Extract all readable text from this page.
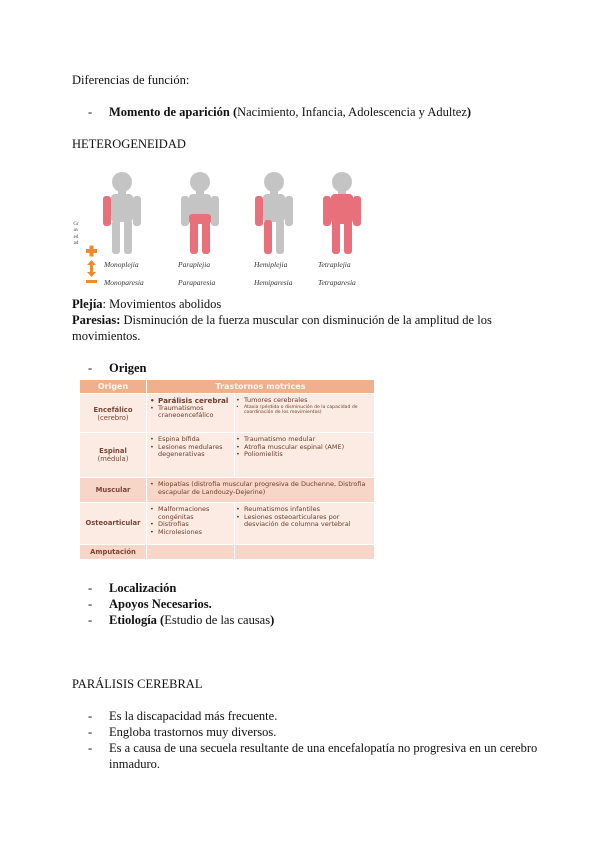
Diferencias de función:
- Momento de aparición (Nacimiento, Infancia, Adolescencia y Adultez)
HETEROGENEIDAD
Gravedad
Monoplejia
Monoparesia
Paraplejia
Paraparesia
Hemiplejia
Hemiparesia
Tetraplejia
Tetraparesia
Plejía: Movimientos abolidos
Paresias: Disminución de la fuerza muscular con disminución de la amplitud de los
movimientos.
- Origen
Origen	Trastornos motrices
Encefálico
(cerebro)
• Parálisis cerebral
• Traumatismos craneoencefálico
• Tumores cerebrales
• Ataxia (pérdida o disminución de la capacidad de coordinación de los movimientos)
Espinal
(médula)
• Espina bífida
• Lesiones medulares degenerativas
• Traumatismo medular
• Atrofia muscular espinal (AME)
• Poliomielitis
Muscular
• Miopatías (distrofia muscular progresiva de Duchenne, Distrofia escapular de Landouzy-Dejerine)
Osteoarticular
• Malformaciones congénitas
• Distrofias
• Microlesiones
• Reumatismos infantiles
• Lesiones osteoarticulares por desviación de columna vertebral
Amputación
- Localización
- Apoyos Necesarios.
- Etiología (Estudio de las causas)
PARÁLISIS CEREBRAL
- Es la discapacidad más frecuente.
- Engloba trastornos muy diversos.
- Es a causa de una secuela resultante de una encefalopatía no progresiva en un cerebro
inmaduro.
